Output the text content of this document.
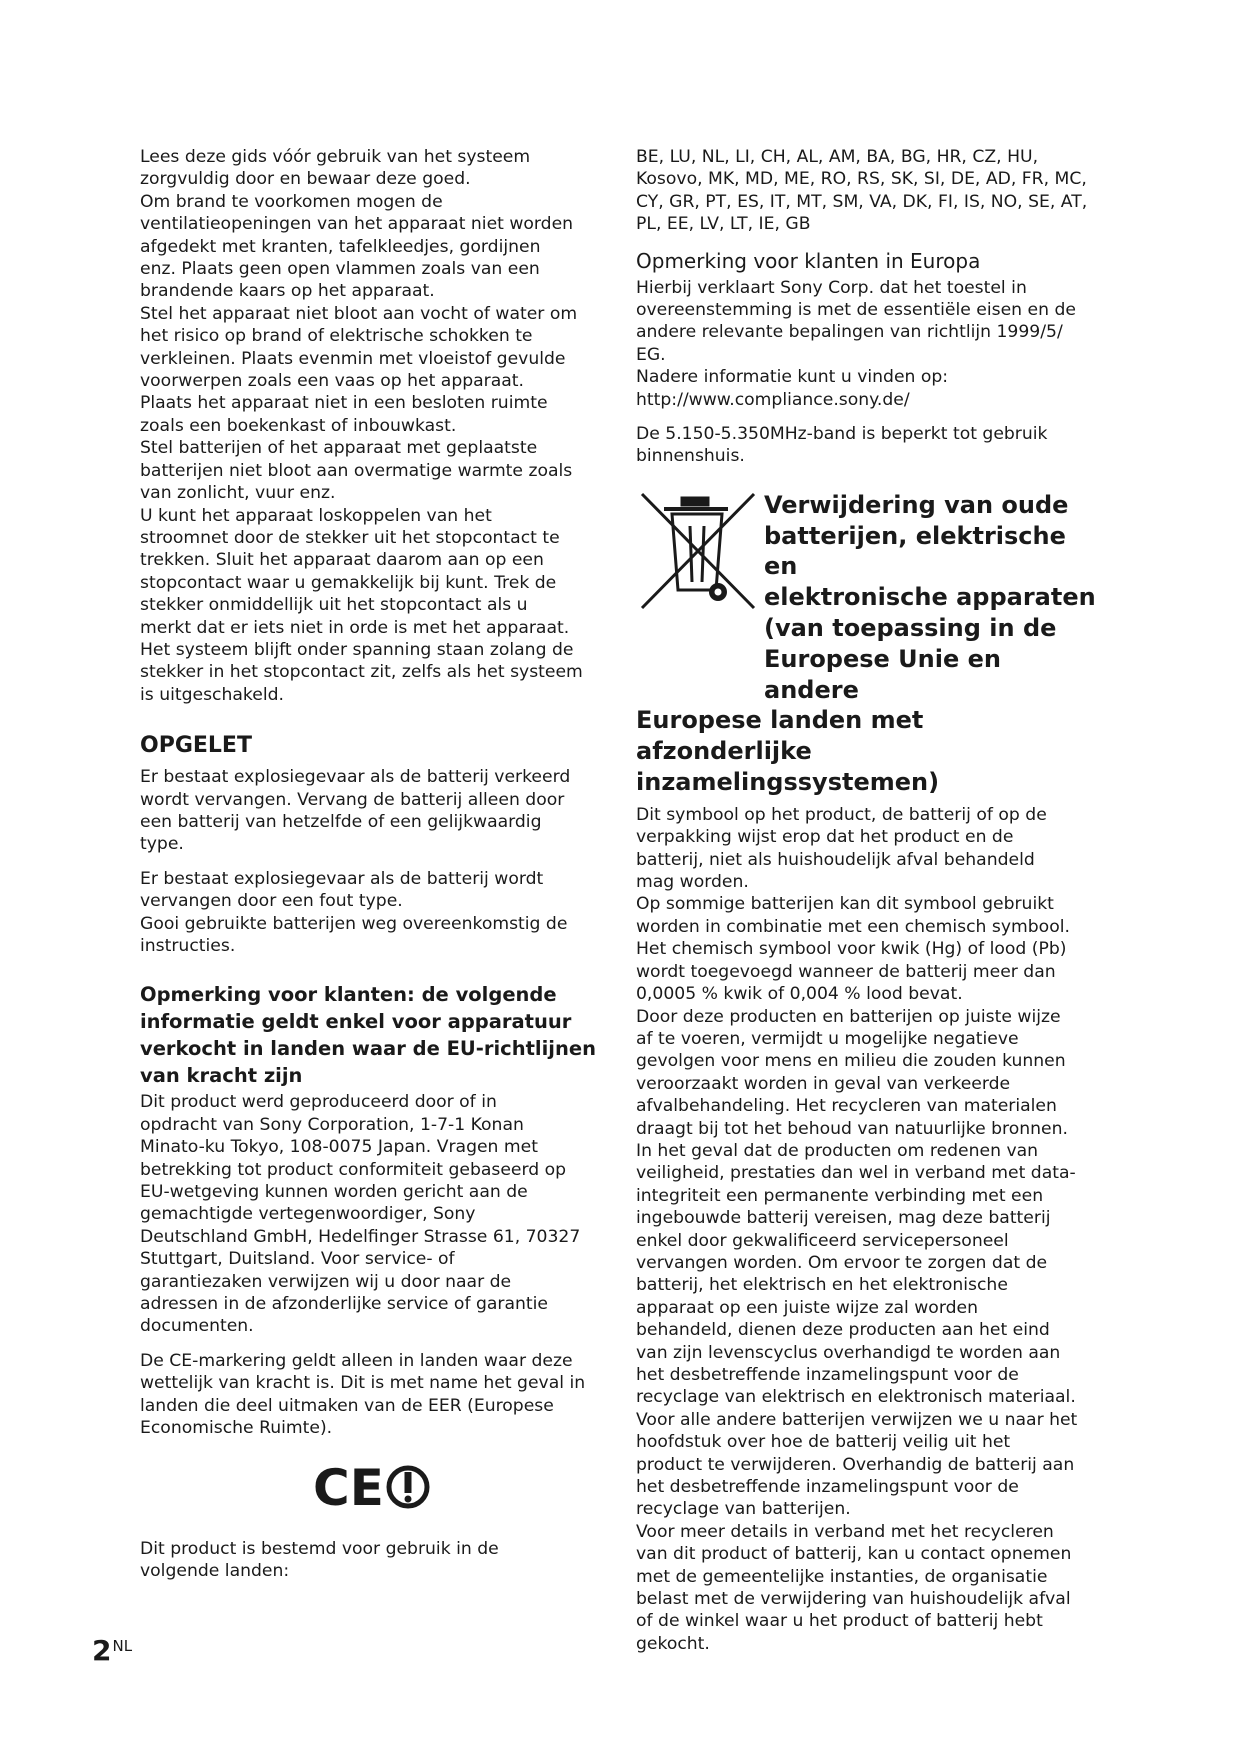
Lees deze gids vóór gebruik van het systeem
zorgvuldig door en bewaar deze goed.
Om brand te voorkomen mogen de
ventilatieopeningen van het apparaat niet worden
afgedekt met kranten, tafelkleedjes, gordijnen
enz. Plaats geen open vlammen zoals van een
brandende kaars op het apparaat.
Stel het apparaat niet bloot aan vocht of water om
het risico op brand of elektrische schokken te
verkleinen. Plaats evenmin met vloeistof gevulde
voorwerpen zoals een vaas op het apparaat.
Plaats het apparaat niet in een besloten ruimte
zoals een boekenkast of inbouwkast.
Stel batterijen of het apparaat met geplaatste
batterijen niet bloot aan overmatige warmte zoals
van zonlicht, vuur enz.
U kunt het apparaat loskoppelen van het
stroomnet door de stekker uit het stopcontact te
trekken. Sluit het apparaat daarom aan op een
stopcontact waar u gemakkelijk bij kunt. Trek de
stekker onmiddellijk uit het stopcontact als u
merkt dat er iets niet in orde is met het apparaat.
Het systeem blijft onder spanning staan zolang de
stekker in het stopcontact zit, zelfs als het systeem
is uitgeschakeld.

OPGELET

Er bestaat explosiegevaar als de batterij verkeerd
wordt vervangen. Vervang de batterij alleen door
een batterij van hetzelfde of een gelijkwaardig
type.

Er bestaat explosiegevaar als de batterij wordt
vervangen door een fout type.
Gooi gebruikte batterijen weg overeenkomstig de
instructies.

Opmerking voor klanten: de volgende
informatie geldt enkel voor apparatuur
verkocht in landen waar de EU-richtlijnen
van kracht zijn

Dit product werd geproduceerd door of in
opdracht van Sony Corporation, 1-7-1 Konan
Minato-ku Tokyo, 108-0075 Japan. Vragen met
betrekking tot product conformiteit gebaseerd op
EU-wetgeving kunnen worden gericht aan de
gemachtigde vertegenwoordiger, Sony
Deutschland GmbH, Hedelfinger Strasse 61, 70327
Stuttgart, Duitsland. Voor service- of
garantiezaken verwijzen wij u door naar de
adressen in de afzonderlijke service of garantie
documenten.

De CE-markering geldt alleen in landen waar deze
wettelijk van kracht is. Dit is met name het geval in
landen die deel uitmaken van de EER (Europese
Economische Ruimte).

CE

Dit product is bestemd voor gebruik in de
volgende landen:

BE, LU, NL, LI, CH, AL, AM, BA, BG, HR, CZ, HU,
Kosovo, MK, MD, ME, RO, RS, SK, SI, DE, AD, FR, MC,
CY, GR, PT, ES, IT, MT, SM, VA, DK, FI, IS, NO, SE, AT,
PL, EE, LV, LT, IE, GB

Opmerking voor klanten in Europa

Hierbij verklaart Sony Corp. dat het toestel in
overeenstemming is met de essentiële eisen en de
andere relevante bepalingen van richtlijn 1999/5/
EG.
Nadere informatie kunt u vinden op:
http://www.compliance.sony.de/

De 5.150-5.350MHz-band is beperkt tot gebruik
binnenshuis.

Verwijdering van oude
batterijen, elektrische en
elektronische apparaten
(van toepassing in de
Europese Unie en andere
Europese landen met afzonderlijke
inzamelingssystemen)

Dit symbool op het product, de batterij of op de
verpakking wijst erop dat het product en de
batterij, niet als huishoudelijk afval behandeld
mag worden.
Op sommige batterijen kan dit symbool gebruikt
worden in combinatie met een chemisch symbool.
Het chemisch symbool voor kwik (Hg) of lood (Pb)
wordt toegevoegd wanneer de batterij meer dan
0,0005 % kwik of 0,004 % lood bevat.
Door deze producten en batterijen op juiste wijze
af te voeren, vermijdt u mogelijke negatieve
gevolgen voor mens en milieu die zouden kunnen
veroorzaakt worden in geval van verkeerde
afvalbehandeling. Het recycleren van materialen
draagt bij tot het behoud van natuurlijke bronnen.
In het geval dat de producten om redenen van
veiligheid, prestaties dan wel in verband met data-
integriteit een permanente verbinding met een
ingebouwde batterij vereisen, mag deze batterij
enkel door gekwalificeerd servicepersoneel
vervangen worden. Om ervoor te zorgen dat de
batterij, het elektrisch en het elektronische
apparaat op een juiste wijze zal worden
behandeld, dienen deze producten aan het eind
van zijn levenscyclus overhandigd te worden aan
het desbetreffende inzamelingspunt voor de
recyclage van elektrisch en elektronisch materiaal.
Voor alle andere batterijen verwijzen we u naar het
hoofdstuk over hoe de batterij veilig uit het
product te verwijderen. Overhandig de batterij aan
het desbetreffende inzamelingspunt voor de
recyclage van batterijen.
Voor meer details in verband met het recycleren
van dit product of batterij, kan u contact opnemen
met de gemeentelijke instanties, de organisatie
belast met de verwijdering van huishoudelijk afval
of de winkel waar u het product of batterij hebt
gekocht.

$2^{NL}$
